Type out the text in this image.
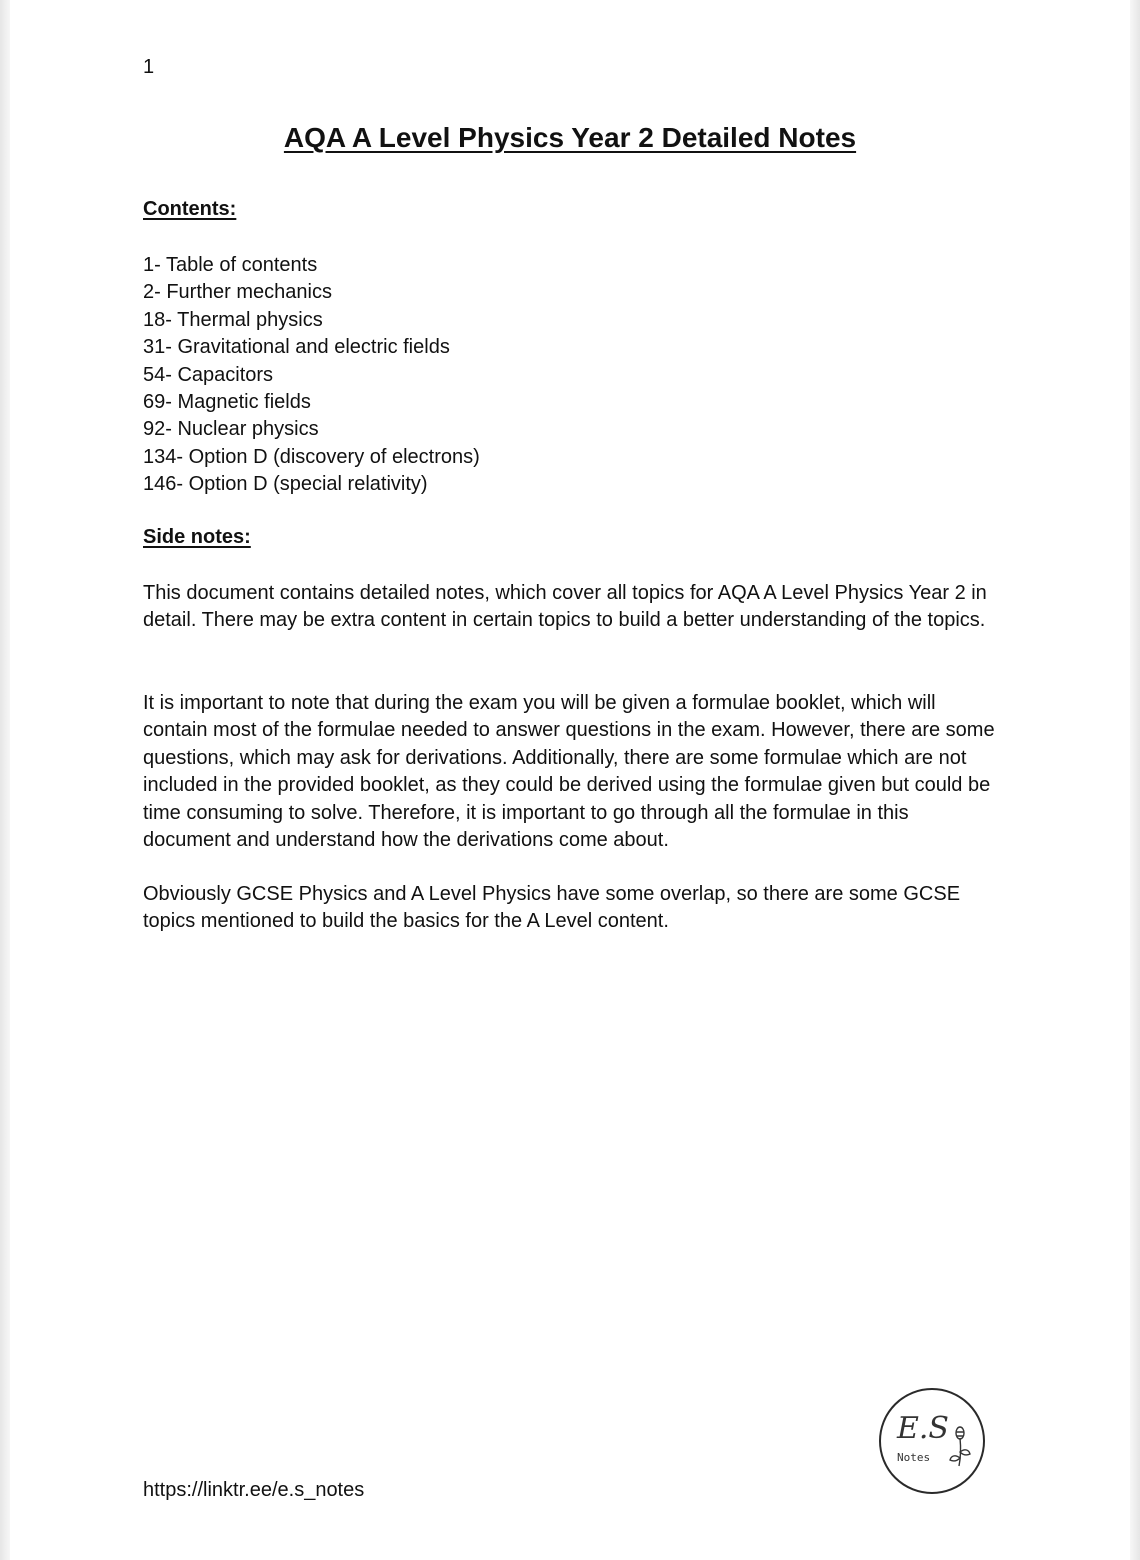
1
AQA A Level Physics Year 2 Detailed Notes
Contents:
1- Table of contents
2- Further mechanics
18- Thermal physics
31- Gravitational and electric fields
54- Capacitors
69- Magnetic fields
92- Nuclear physics
134- Option D (discovery of electrons)
146- Option D (special relativity)
Side notes:

This document contains detailed notes, which cover all topics for AQA A Level Physics Year 2 in detail. There may be extra content in certain topics to build a better understanding of the topics.

It is important to note that during the exam you will be given a formulae booklet, which will contain most of the formulae needed to answer questions in the exam. However, there are some questions, which may ask for derivations. Additionally, there are some formulae which are not included in the provided booklet, as they could be derived using the formulae given but could be time consuming to solve. Therefore, it is important to go through all the formulae in this document and understand how the derivations come about.

Obviously GCSE Physics and A Level Physics have some overlap, so there are some GCSE topics mentioned to build the basics for the A Level content.

https://linktr.ee/e.s_notes

E.S
Notes
